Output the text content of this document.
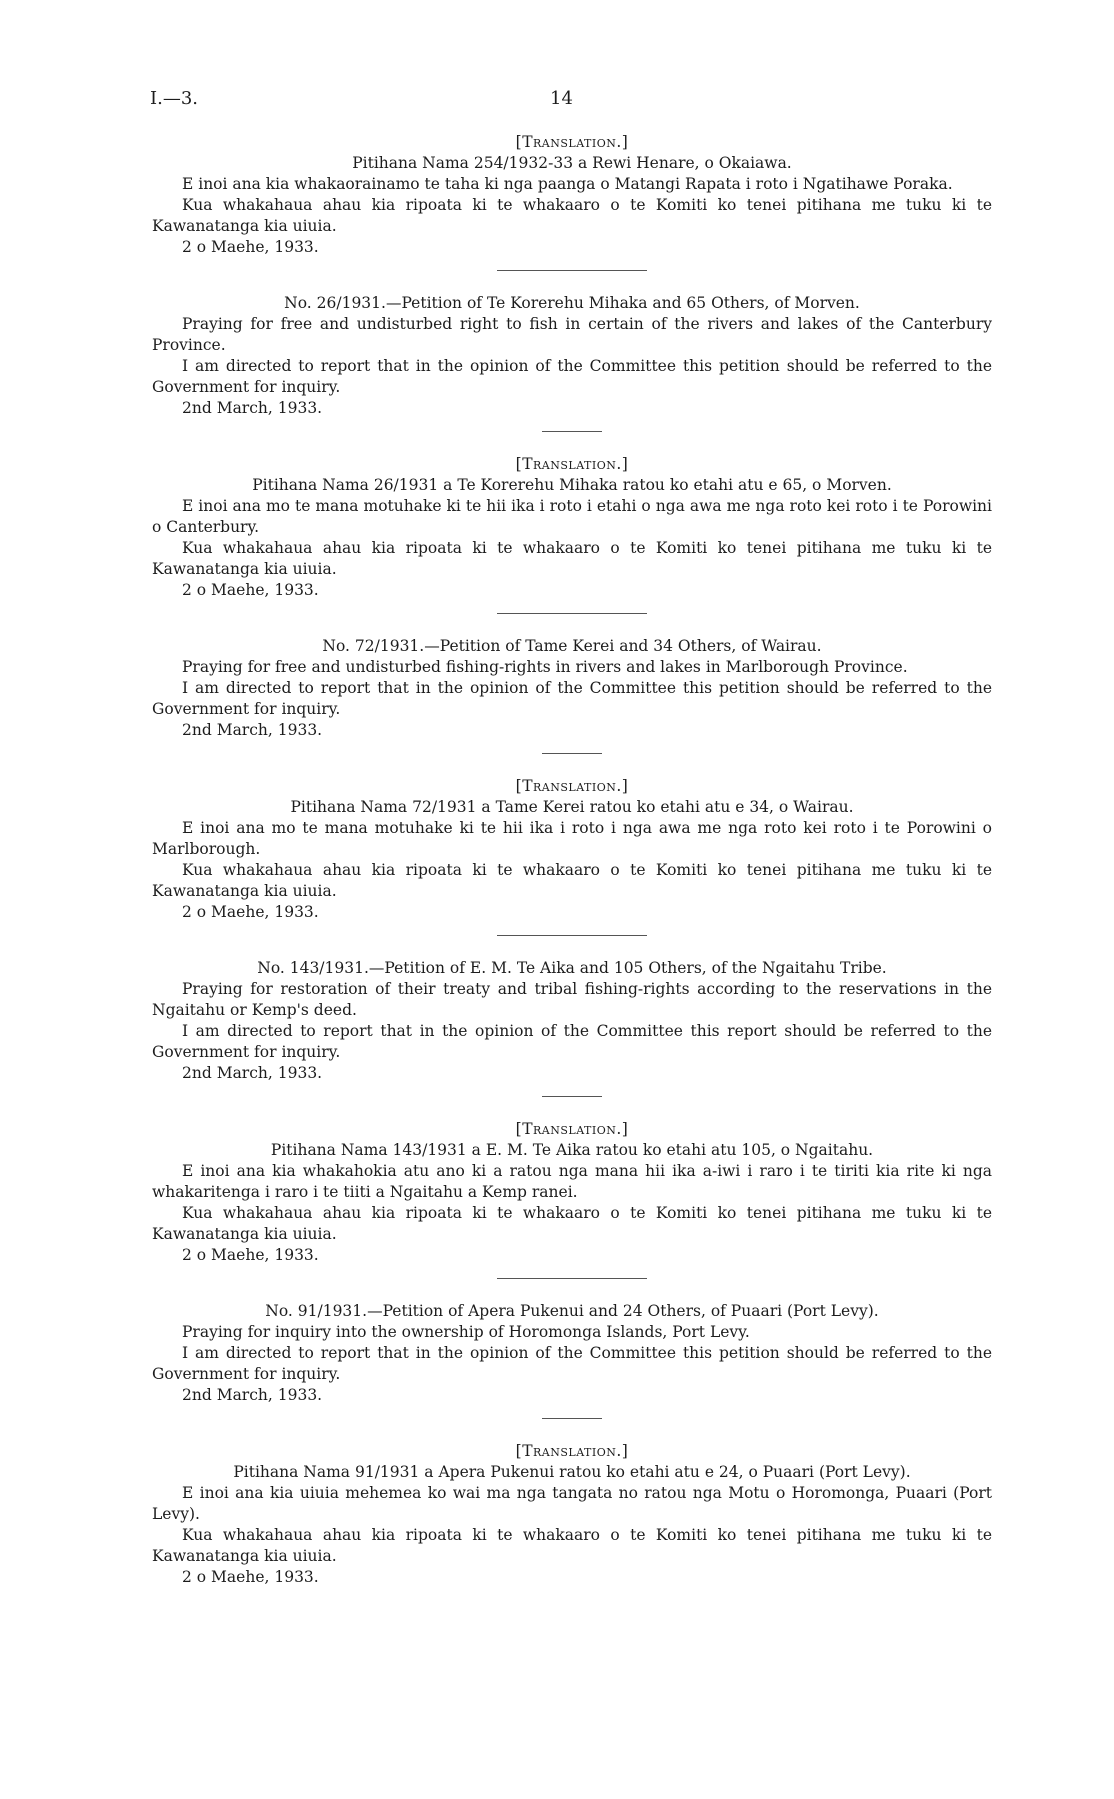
I.—3.	14

[Translation.]

Pitihana Nama 254/1932-33 a Rewi Henare, o Okaiawa.

E inoi ana kia whakaorainamo te taha ki nga paanga o Matangi Rapata i roto i Ngatihawe Poraka.

Kua whakahaua ahau kia ripoata ki te whakaaro o te Komiti ko tenei pitihana me tuku ki te Kawanatanga kia uiuia.

2 o Maehe, 1933.

No. 26/1931.—Petition of Te Korerehu Mihaka and 65 Others, of Morven.

Praying for free and undisturbed right to fish in certain of the rivers and lakes of the Canterbury Province.

I am directed to report that in the opinion of the Committee this petition should be referred to the Government for inquiry.

2nd March, 1933.

[Translation.]

Pitihana Nama 26/1931 a Te Korerehu Mihaka ratou ko etahi atu e 65, o Morven.

E inoi ana mo te mana motuhake ki te hii ika i roto i etahi o nga awa me nga roto kei roto i te Porowini o Canterbury.

Kua whakahaua ahau kia ripoata ki te whakaaro o te Komiti ko tenei pitihana me tuku ki te Kawanatanga kia uiuia.

2 o Maehe, 1933.

No. 72/1931.—Petition of Tame Kerei and 34 Others, of Wairau.

Praying for free and undisturbed fishing-rights in rivers and lakes in Marlborough Province.

I am directed to report that in the opinion of the Committee this petition should be referred to the Government for inquiry.

2nd March, 1933.

[Translation.]

Pitihana Nama 72/1931 a Tame Kerei ratou ko etahi atu e 34, o Wairau.

E inoi ana mo te mana motuhake ki te hii ika i roto i nga awa me nga roto kei roto i te Porowini o Marlborough.

Kua whakahaua ahau kia ripoata ki te whakaaro o te Komiti ko tenei pitihana me tuku ki te Kawanatanga kia uiuia.

2 o Maehe, 1933.

No. 143/1931.—Petition of E. M. Te Aika and 105 Others, of the Ngaitahu Tribe.

Praying for restoration of their treaty and tribal fishing-rights according to the reservations in the Ngaitahu or Kemp's deed.

I am directed to report that in the opinion of the Committee this report should be referred to the Government for inquiry.

2nd March, 1933.

[Translation.]

Pitihana Nama 143/1931 a E. M. Te Aika ratou ko etahi atu 105, o Ngaitahu.

E inoi ana kia whakahokia atu ano ki a ratou nga mana hii ika a-iwi i raro i te tiriti kia rite ki nga whakaritenga i raro i te tiiti a Ngaitahu a Kemp ranei.

Kua whakahaua ahau kia ripoata ki te whakaaro o te Komiti ko tenei pitihana me tuku ki te Kawanatanga kia uiuia.

2 o Maehe, 1933.

No. 91/1931.—Petition of Apera Pukenui and 24 Others, of Puaari (Port Levy).

Praying for inquiry into the ownership of Horomonga Islands, Port Levy.

I am directed to report that in the opinion of the Committee this petition should be referred to the Government for inquiry.

2nd March, 1933.

[Translation.]

Pitihana Nama 91/1931 a Apera Pukenui ratou ko etahi atu e 24, o Puaari (Port Levy).

E inoi ana kia uiuia mehemea ko wai ma nga tangata no ratou nga Motu o Horomonga, Puaari (Port Levy).

Kua whakahaua ahau kia ripoata ki te whakaaro o te Komiti ko tenei pitihana me tuku ki te Kawanatanga kia uiuia.

2 o Maehe, 1933.
